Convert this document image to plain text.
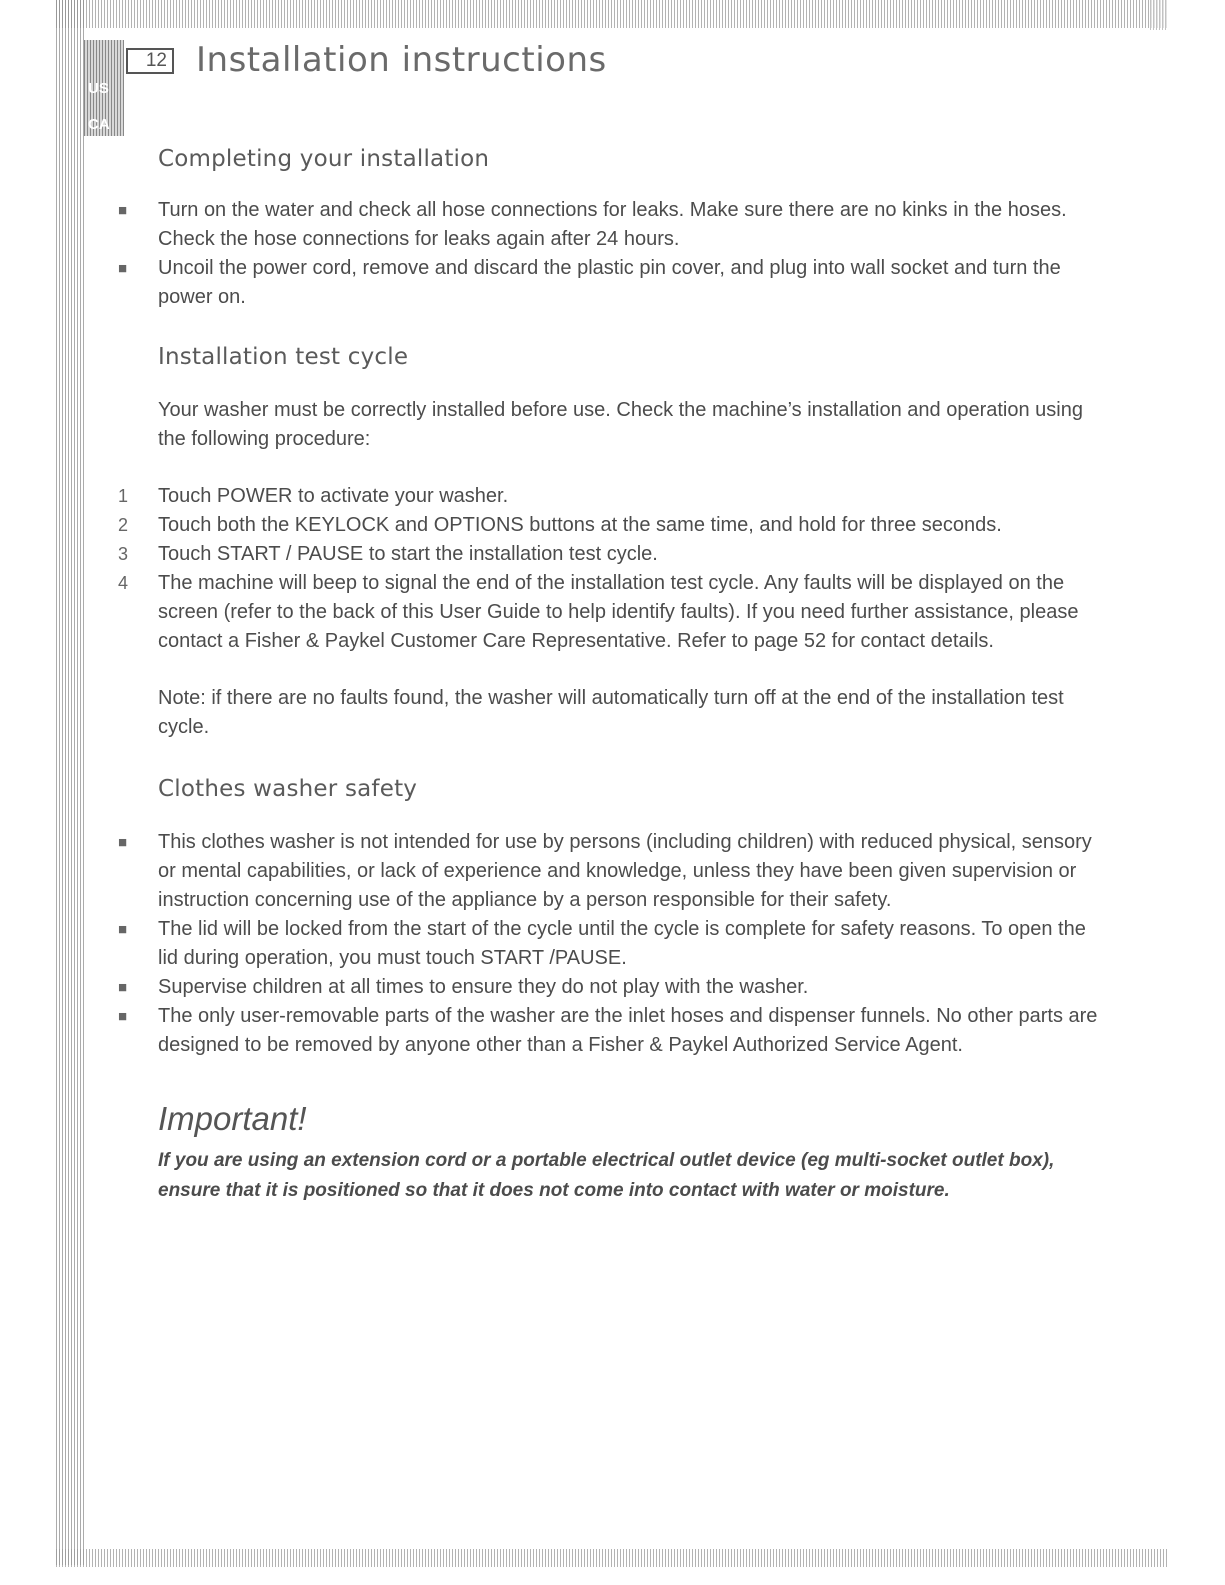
US
CA
12 Installation instructions
Completing your installation
■	Turn on the water and check all hose connections for leaks. Make sure there are no kinks in the hoses. Check the hose connections for leaks again after 24 hours.
■	Uncoil the power cord, remove and discard the plastic pin cover, and plug into wall socket and turn the power on.
Installation test cycle

Your washer must be correctly installed before use. Check the machine’s installation and operation using the following procedure:

1	Touch POWER to activate your washer.
2	Touch both the KEYLOCK and OPTIONS buttons at the same time, and hold for three seconds.
3	Touch START / PAUSE to start the installation test cycle.
4	The machine will beep to signal the end of the installation test cycle. Any faults will be displayed on the screen (refer to the back of this User Guide to help identify faults). If you need further assistance, please contact a Fisher & Paykel Customer Care Representative. Refer to page 52 for contact details.

Note: if there are no faults found, the washer will automatically turn off at the end of the installation test cycle.

Clothes washer safety
■	This clothes washer is not intended for use by persons (including children) with reduced physical, sensory or mental capabilities, or lack of experience and knowledge, unless they have been given supervision or instruction concerning use of the appliance by a person responsible for their safety.
■	The lid will be locked from the start of the cycle until the cycle is complete for safety reasons. To open the lid during operation, you must touch START /PAUSE.
■	Supervise children at all times to ensure they do not play with the washer.
■	The only user-removable parts of the washer are the inlet hoses and dispenser funnels. No other parts are designed to be removed by anyone other than a Fisher & Paykel Authorized Service Agent.
Important!

If you are using an extension cord or a portable electrical outlet device (eg multi-socket outlet box), ensure that it is positioned so that it does not come into contact with water or moisture.
